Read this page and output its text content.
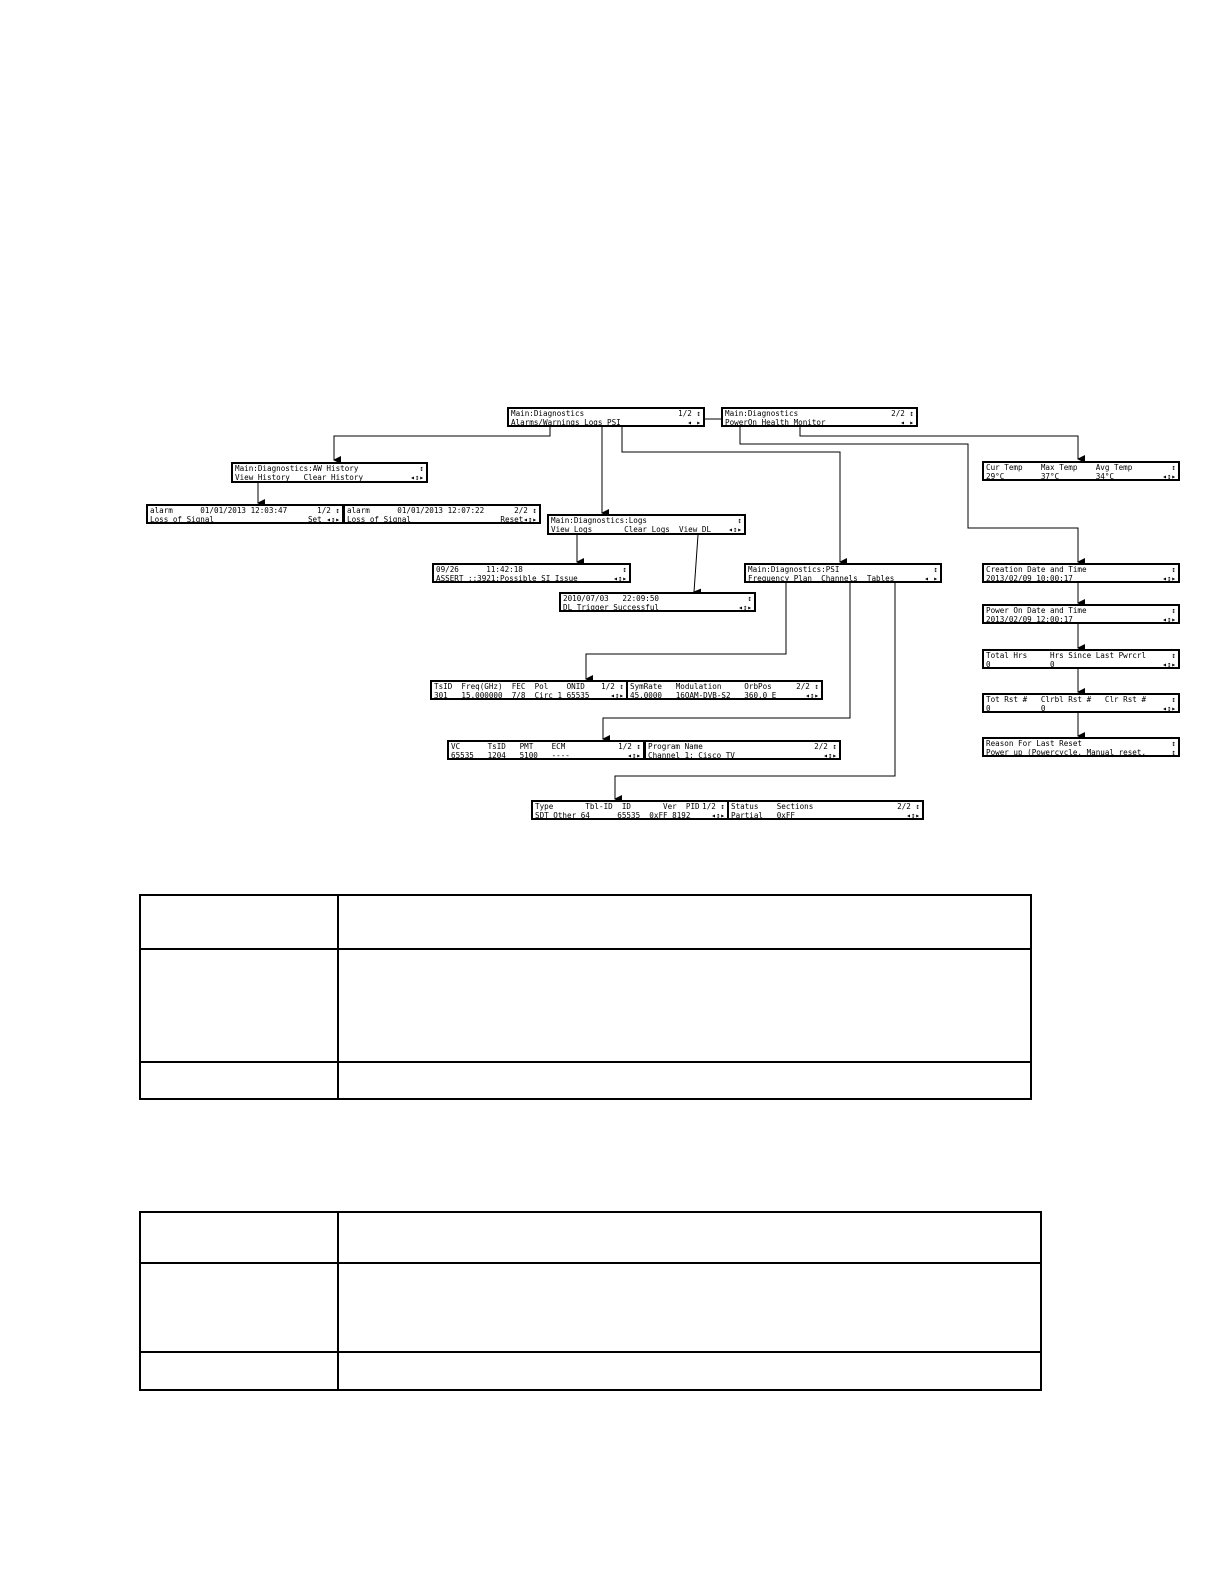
Main:Diagnostics	1/2 ↕
Alarms/Warnings Logs PSI	◂ ▸
Main:Diagnostics	2/2 ↕
PowerOn Health Monitor	◂ ▸
Main:Diagnostics:AW History	↕
View History   Clear History	◂↕▸
alarm      01/01/2013 12:03:47	1/2 ↕
Loss of Signal	Set ◂↕▸
alarm      01/01/2013 12:07:22	2/2 ↕
Loss of Signal	Reset◂↕▸ Main:Diagnostics:Logs	↕
View Logs       Clear Logs  View DL ◂↕▸
09/26      11:42:18	↕
ASSERT ;;3921;Possible SI Issue	◂↕▸
2010/07/03   22:09:50	↕
DL Trigger Successful	◂↕▸
Main:Diagnostics:PSI	↕
Frequency Plan  Channels  Tables	◂ ▸
TsID  Freq(GHz)  FEC  Pol    ONID 1/2 ↕
301   15.000000  7/8  Circ 1 65535	◂↕▸
SymRate   Modulation     OrbPos	2/2 ↕
45.0000   16QAM-DVB-S2   360.0 E	◂↕▸
VC      TsID   PMT    ECM	1/2 ↕
65535   1204   5100   ----	◂↕▸
Program Name	2/2 ↕
Channel 1: Cisco TV	◂↕▸
Type       Tbl-ID  ID       Ver  PID 1/2 ↕
SDT Other 64      65535  0xFF 8192	◂↕▸
Status    Sections	2/2 ↕
Partial   0xFF	◂↕▸
Cur Temp    Max Temp    Avg Temp	↕
29°C        37°C        34°C	◂↕▸
Creation Date and Time	↕
2013/02/09 10:00:17	◂↕▸
Power On Date and Time	↕
2013/02/09 12:00:17	◂↕▸
Total Hrs     Hrs Since Last Pwrcrl	↕
0             0	◂↕▸
Tot Rst #   Clrbl Rst #   Clr Rst #	↕
0           0	◂↕▸
Reason For Last Reset	↕
Power up (Powercycle, Manual reset,	↕
